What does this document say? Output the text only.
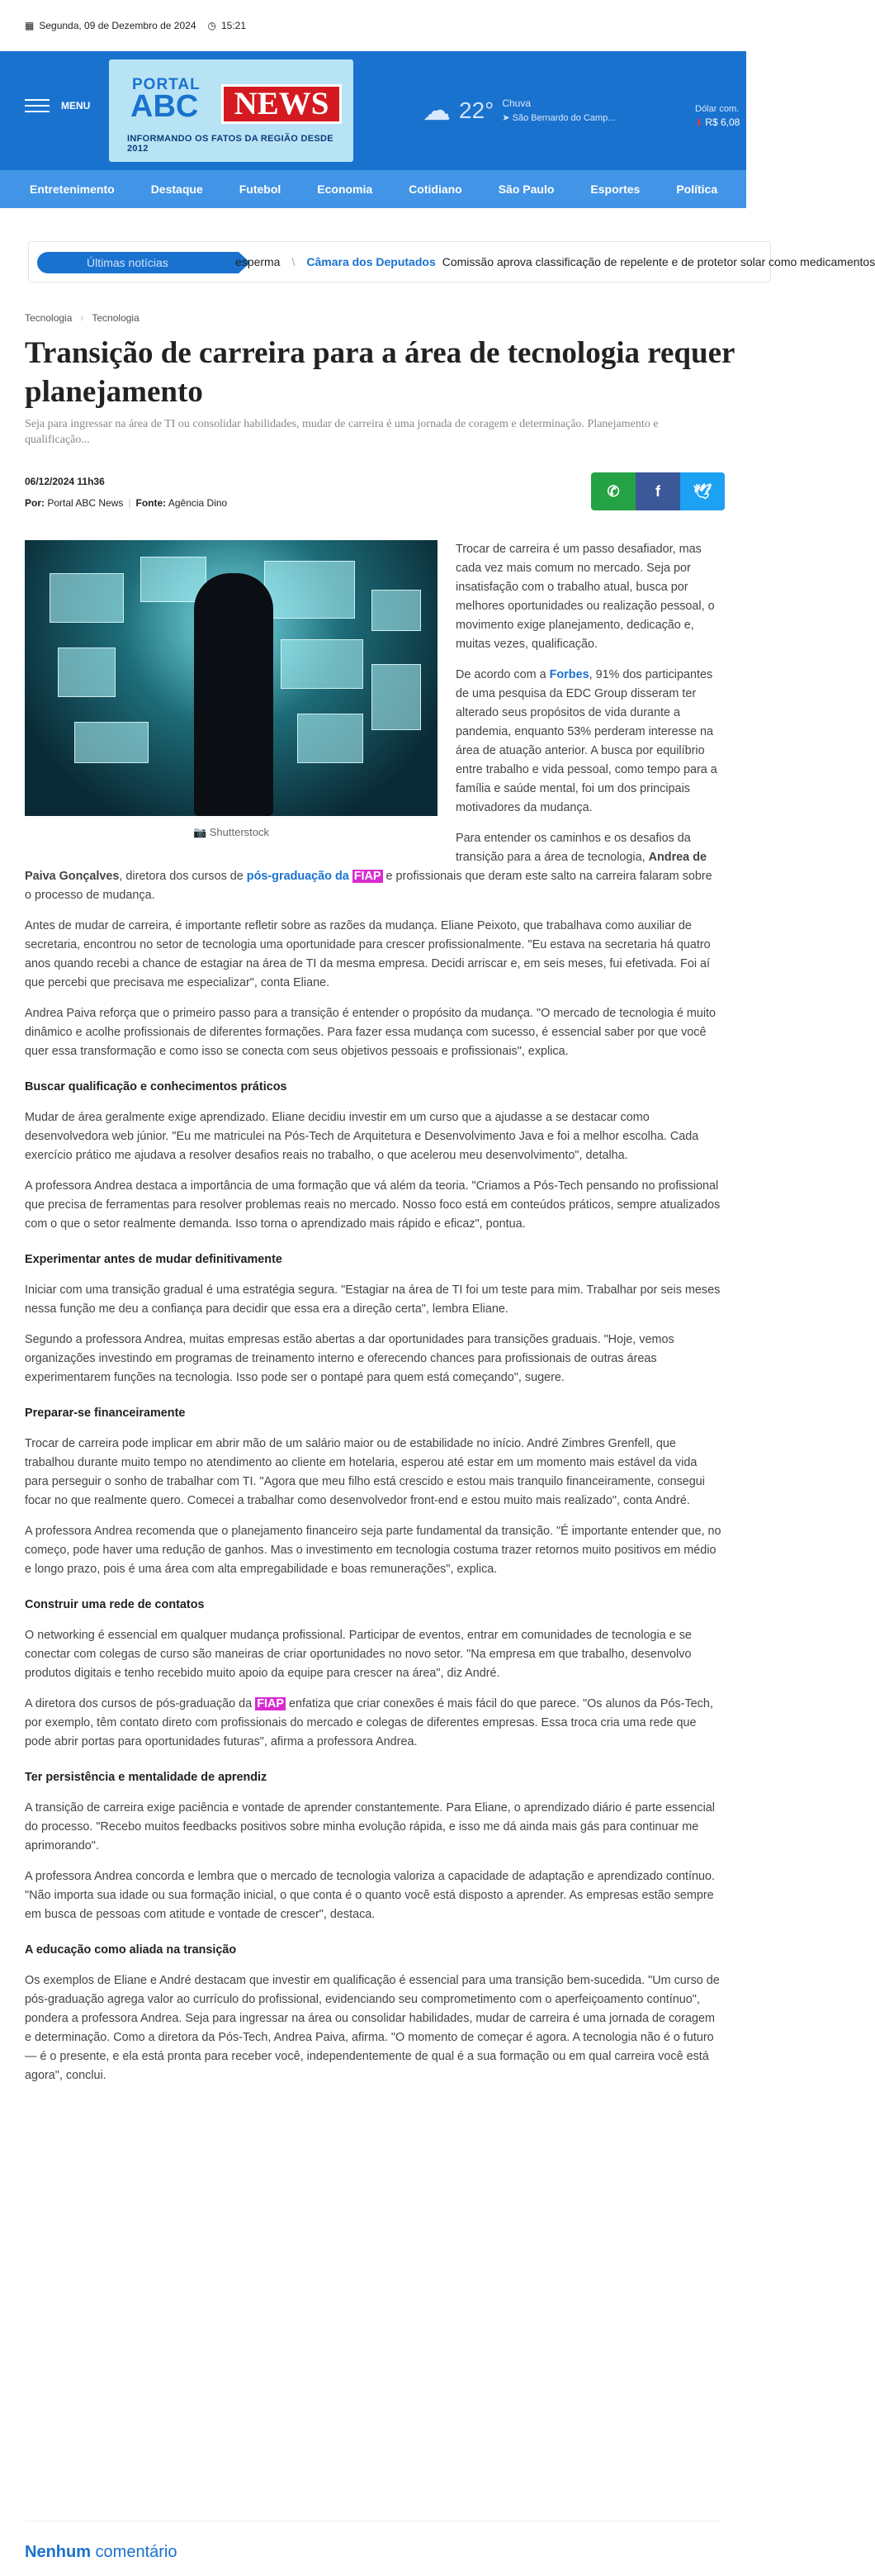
▦ Segunda, 09 de Dezembro de 2024 ◷ 15:21
MENU
PORTAL
ABC	NEWS
INFORMANDO OS FATOS DA REGIÃO DESDE 2012
☁ 22° Chuva
➤ São Bernardo do Camp...
Dólar com.
⬇ R$ 6,08
Entretenimento	Destaque	Futebol	Economia	Cotidiano	São Paulo	Esportes	Política
Últimas notícias	esperma \ Câmara dos Deputados Comissão aprova classificação de repelente e de protetor solar como medicamentos
Tecnologia › Tecnologia
Transição de carreira para a área de tecnologia requer planejamento
Seja para ingressar na área de TI ou consolidar habilidades, mudar de carreira é uma jornada de coragem e determinação. Planejamento e qualificação...
06/12/2024 11h36
Por: Portal ABC News | Fonte: Agência Dino
✆ f 🕊
📷 Shutterstock

Trocar de carreira é um passo desafiador, mas cada vez mais comum no mercado. Seja por insatisfação com o trabalho atual, busca por melhores oportunidades ou realização pessoal, o movimento exige planejamento, dedicação e, muitas vezes, qualificação.

De acordo com a Forbes, 91% dos participantes de uma pesquisa da EDC Group disseram ter alterado seus propósitos de vida durante a pandemia, enquanto 53% perderam interesse na área de atuação anterior. A busca por equilíbrio entre trabalho e vida pessoal, como tempo para a família e saúde mental, foi um dos principais motivadores da mudança.

Para entender os caminhos e os desafios da transição para a área de tecnologia, Andrea de Paiva Gonçalves, diretora dos cursos de pós-graduação da FIAP e profissionais que deram este salto na carreira falaram sobre o processo de mudança.

Antes de mudar de carreira, é importante refletir sobre as razões da mudança. Eliane Peixoto, que trabalhava como auxiliar de secretaria, encontrou no setor de tecnologia uma oportunidade para crescer profissionalmente. "Eu estava na secretaria há quatro anos quando recebi a chance de estagiar na área de TI da mesma empresa. Decidi arriscar e, em seis meses, fui efetivada. Foi aí que percebi que precisava me especializar", conta Eliane.

Andrea Paiva reforça que o primeiro passo para a transição é entender o propósito da mudança. "O mercado de tecnologia é muito dinâmico e acolhe profissionais de diferentes formações. Para fazer essa mudança com sucesso, é essencial saber por que você quer essa transformação e como isso se conecta com seus objetivos pessoais e profissionais", explica.

Buscar qualificação e conhecimentos práticos

Mudar de área geralmente exige aprendizado. Eliane decidiu investir em um curso que a ajudasse a se destacar como desenvolvedora web júnior. "Eu me matriculei na Pós-Tech de Arquitetura e Desenvolvimento Java e foi a melhor escolha. Cada exercício prático me ajudava a resolver desafios reais no trabalho, o que acelerou meu desenvolvimento", detalha.

A professora Andrea destaca a importância de uma formação que vá além da teoria. "Criamos a Pós-Tech pensando no profissional que precisa de ferramentas para resolver problemas reais no mercado. Nosso foco está em conteúdos práticos, sempre atualizados com o que o setor realmente demanda. Isso torna o aprendizado mais rápido e eficaz", pontua.

Experimentar antes de mudar definitivamente

Iniciar com uma transição gradual é uma estratégia segura. "Estagiar na área de TI foi um teste para mim. Trabalhar por seis meses nessa função me deu a confiança para decidir que essa era a direção certa", lembra Eliane.

Segundo a professora Andrea, muitas empresas estão abertas a dar oportunidades para transições graduais. "Hoje, vemos organizações investindo em programas de treinamento interno e oferecendo chances para profissionais de outras áreas experimentarem funções na tecnologia. Isso pode ser o pontapé para quem está começando", sugere.

Preparar-se financeiramente

Trocar de carreira pode implicar em abrir mão de um salário maior ou de estabilidade no início. André Zimbres Grenfell, que trabalhou durante muito tempo no atendimento ao cliente em hotelaria, esperou até estar em um momento mais estável da vida para perseguir o sonho de trabalhar com TI. "Agora que meu filho está crescido e estou mais tranquilo financeiramente, consegui focar no que realmente quero. Comecei a trabalhar como desenvolvedor front-end e estou muito mais realizado", conta André.

A professora Andrea recomenda que o planejamento financeiro seja parte fundamental da transição. "É importante entender que, no começo, pode haver uma redução de ganhos. Mas o investimento em tecnologia costuma trazer retornos muito positivos em médio e longo prazo, pois é uma área com alta empregabilidade e boas remunerações", explica.

Construir uma rede de contatos

O networking é essencial em qualquer mudança profissional. Participar de eventos, entrar em comunidades de tecnologia e se conectar com colegas de curso são maneiras de criar oportunidades no novo setor. "Na empresa em que trabalho, desenvolvo produtos digitais e tenho recebido muito apoio da equipe para crescer na área", diz André.

A diretora dos cursos de pós-graduação da FIAP enfatiza que criar conexões é mais fácil do que parece. "Os alunos da Pós-Tech, por exemplo, têm contato direto com profissionais do mercado e colegas de diferentes empresas. Essa troca cria uma rede que pode abrir portas para oportunidades futuras", afirma a professora Andrea.

Ter persistência e mentalidade de aprendiz

A transição de carreira exige paciência e vontade de aprender constantemente. Para Eliane, o aprendizado diário é parte essencial do processo. "Recebo muitos feedbacks positivos sobre minha evolução rápida, e isso me dá ainda mais gás para continuar me aprimorando".

A professora Andrea concorda e lembra que o mercado de tecnologia valoriza a capacidade de adaptação e aprendizado contínuo. "Não importa sua idade ou sua formação inicial, o que conta é o quanto você está disposto a aprender. As empresas estão sempre em busca de pessoas com atitude e vontade de crescer", destaca.

A educação como aliada na transição

Os exemplos de Eliane e André destacam que investir em qualificação é essencial para uma transição bem-sucedida. "Um curso de pós-graduação agrega valor ao currículo do profissional, evidenciando seu comprometimento com o aperfeiçoamento contínuo", pondera a professora Andrea. Seja para ingressar na área ou consolidar habilidades, mudar de carreira é uma jornada de coragem e determinação. Como a diretora da Pós-Tech, Andrea Paiva, afirma. "O momento de começar é agora. A tecnologia não é o futuro — é o presente, e ela está pronta para receber você, independentemente de qual é a sua formação ou em qual carreira você está agora", conclui.

Nenhum comentário
